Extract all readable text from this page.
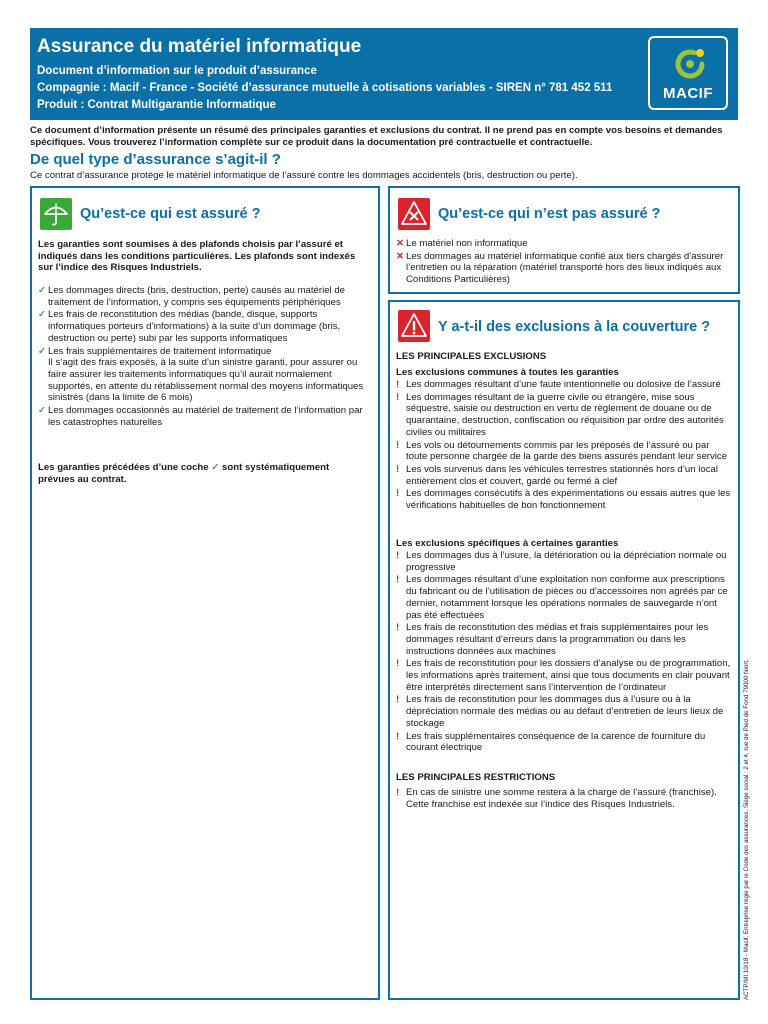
Assurance du matériel informatique
Document d’information sur le produit d’assurance
Compagnie : Macif - France - Société d’assurance mutuelle à cotisations variables - SIREN n° 781 452 511
Produit : Contrat Multigarantie Informatique
MACIF
Ce document d’information présente un résumé des principales garanties et exclusions du contrat. Il ne prend pas en compte vos besoins et demandes spécifiques. Vous trouverez l’information complète sur ce produit dans la documentation pré contractuelle et contractuelle.
De quel type d’assurance s’agit-il ?
Ce contrat d’assurance protège le matériel informatique de l’assuré contre les dommages accidentels (bris, destruction ou perte).
Qu’est-ce qui est assuré ?
Les garanties sont soumises à des plafonds choisis par l’assuré et indiqués dans les conditions particulières. Les plafonds sont indexés sur l’indice des Risques Industriels.
✓ Les dommages directs (bris, destruction, perte) causés au matériel de traitement de l’information, y compris ses équipements périphériques
✓ Les frais de reconstitution des médias (bande, disque, supports informatiques porteurs d’informations) à la suite d’un dommage (bris, destruction ou perte) subi par les supports informatiques
✓ Les frais supplémentaires de traitement informatique
Il s’agit des frais exposés, à la suite d’un sinistre garanti, pour assurer ou faire assurer les traitements informatiques qu’il aurait normalement supportés, en attente du rétablissement normal des moyens informatiques sinistrés (dans la limite de 6 mois)
✓ Les dommages occasionnés au matériel de traitement de l’information par les catastrophes naturelles
Les garanties précédées d’une coche ✓ sont systématiquement prévues au contrat.
Qu’est-ce qui n’est pas assuré ?
✕ Le matériel non informatique
✕ Les dommages au matériel informatique confié aux tiers chargés d’assurer l’entretien ou la réparation (matériel transporté hors des lieux indiqués aux Conditions Particulières)
Y a-t-il des exclusions à la couverture ?
LES PRINCIPALES EXCLUSIONS
Les exclusions communes à toutes les garanties
! Les dommages résultant d’une faute intentionnelle ou dolosive de l’assuré
! Les dommages résultant de la guerre civile ou étrangère, mise sous séquestre, saisie ou destruction en vertu de règlement de douane ou de quarantaine, destruction, confiscation ou réquisition par ordre des autorités civiles ou militaires
! Les vols ou détournements commis par les préposés de l’assuré ou par toute personne chargée de la garde des biens assurés pendant leur service
! Les vols survenus dans les véhicules terrestres stationnés hors d’un local entièrement clos et couvert, gardé ou fermé à clef
! Les dommages consécutifs à des expérimentations ou essais autres que les vérifications habituelles de bon fonctionnement
Les exclusions spécifiques à certaines garanties
! Les dommages dus à l’usure, la détérioration ou la dépréciation normale ou progressive
! Les dommages résultant d’une exploitation non conforme aux prescriptions du fabricant ou de l’utilisation de pièces ou d’accessoires non agréés par ce dernier, notamment lorsque les opérations normales de sauvegarde n’ont pas été effectuées
! Les frais de reconstitution des médias et frais supplémentaires pour les dommages résultant d’erreurs dans la programmation ou dans les instructions données aux machines
! Les frais de reconstitution pour les dossiers d’analyse ou de programmation, les informations après traitement, ainsi que tous documents en clair pouvant être interprétés directement sans l’intervention de l’ordinateur
! Les frais de reconstitution pour les dommages dus à l’usure ou à la dépréciation normale des médias ou au défaut d’entretien de leurs lieux de stockage
! Les frais supplémentaires conséquence de la carence de fourniture du courant électrique
LES PRINCIPALES RESTRICTIONS
! En cas de sinistre une somme restera à la charge de l’assuré (franchise). Cette franchise est indexée sur l’indice des Risques Industriels.	ACTP/MI 10/18 - Macif, Entreprise régie par le Code des assurances. Siège social : 2 et 4, rue de Pied de Fond 79000 Niort.
